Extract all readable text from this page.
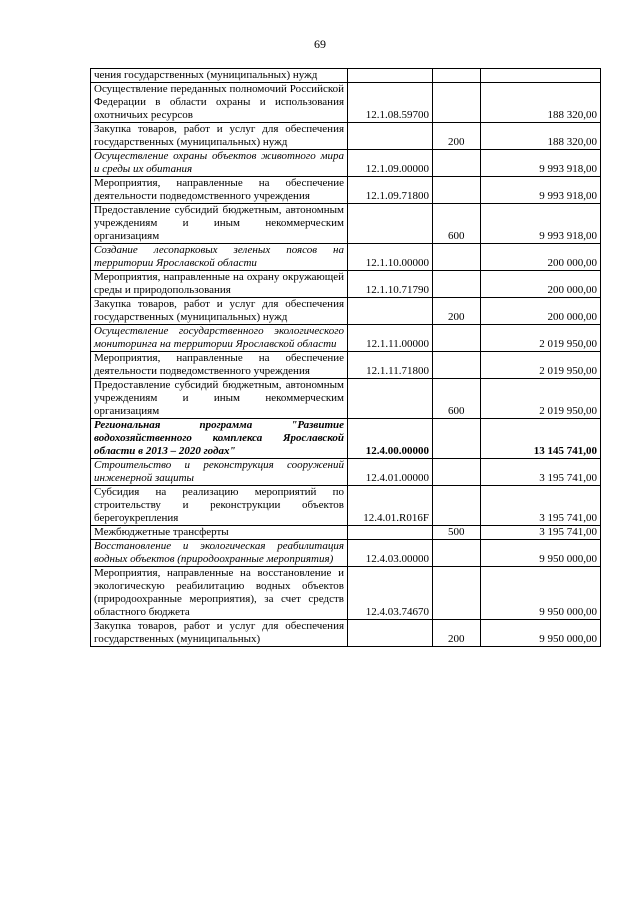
69
чения государственных (муниципальных) нужд			
Осуществление переданных полномочий Российской Федерации в области охраны и использования охотничьих ресурсов	12.1.08.59700		188 320,00
Закупка товаров, работ и услуг для обеспечения государственных (муниципальных) нужд		200	188 320,00
Осуществление охраны объектов животного мира и среды их обитания	12.1.09.00000		9 993 918,00
Мероприятия, направленные на обеспечение деятельности подведомственного учреждения	12.1.09.71800		9 993 918,00
Предоставление субсидий бюджетным, автономным учреждениям и иным некоммерческим организациям		600	9 993 918,00
Создание лесопарковых зеленых поясов на территории Ярославской области	12.1.10.00000		200 000,00
Мероприятия, направленные на охрану окружающей среды и природопользования	12.1.10.71790		200 000,00
Закупка товаров, работ и услуг для обеспечения государственных (муниципальных) нужд		200	200 000,00
Осуществление государственного экологического мониторинга на территории Ярославской области	12.1.11.00000		2 019 950,00
Мероприятия, направленные на обеспечение деятельности подведомственного учреждения	12.1.11.71800		2 019 950,00
Предоставление субсидий бюджетным, автономным учреждениям и иным некоммерческим организациям		600	2 019 950,00
Региональная программа "Развитие водохозяйственного комплекса Ярославской области в 2013 – 2020 годах"	12.4.00.00000		13 145 741,00
Строительство и реконструкция сооружений инженерной защиты	12.4.01.00000		3 195 741,00
Субсидия на реализацию мероприятий по строительству и реконструкции объектов берегоукрепления	12.4.01.R016F		3 195 741,00
Межбюджетные трансферты		500	3 195 741,00
Восстановление и экологическая реабилитация водных объектов (природоохранные мероприятия)	12.4.03.00000		9 950 000,00
Мероприятия, направленные на восстановление и экологическую реабилитацию водных объектов (природоохранные мероприятия), за счет средств областного бюджета	12.4.03.74670		9 950 000,00
Закупка товаров, работ и услуг для обеспечения государственных (муниципальных)		200	9 950 000,00
